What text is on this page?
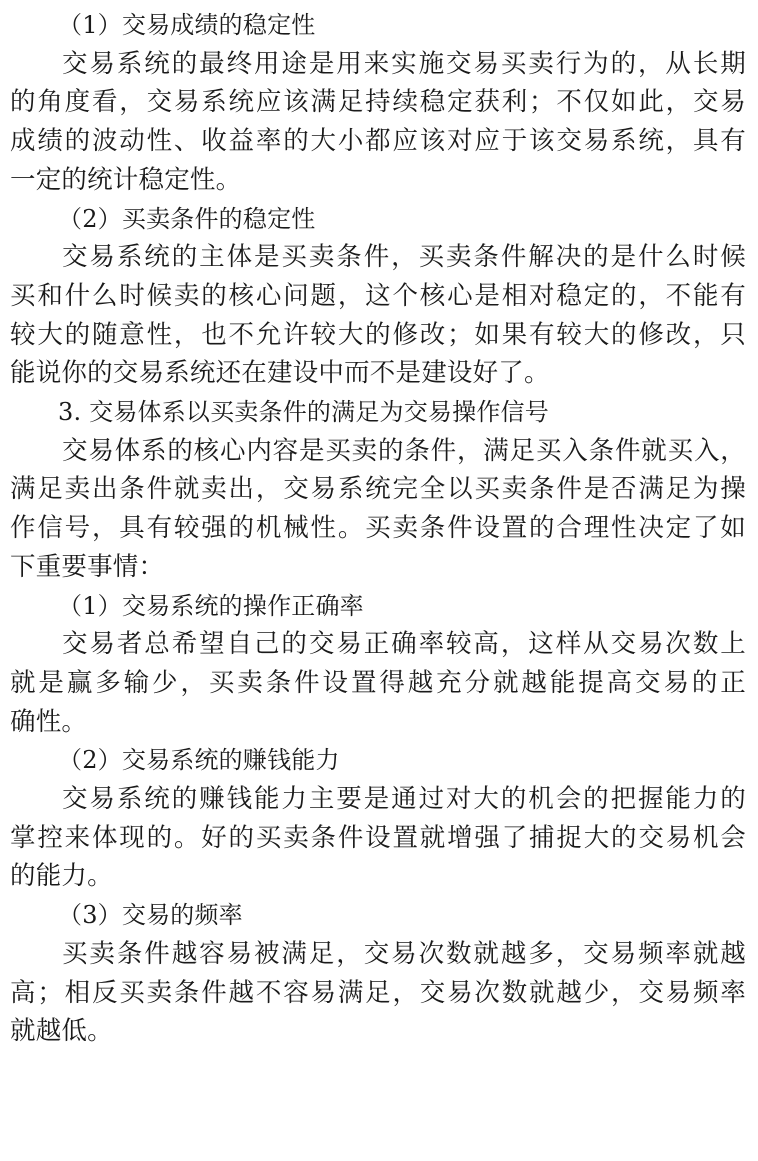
（1）交易成绩的稳定性
交易系统的最终用途是用来实施交易买卖行为的，从长期
的角度看，交易系统应该满足持续稳定获利；不仅如此，交易
成绩的波动性、收益率的大小都应该对应于该交易系统，具有
一定的统计稳定性。
（2）买卖条件的稳定性
交易系统的主体是买卖条件，买卖条件解决的是什么时候
买和什么时候卖的核心问题，这个核心是相对稳定的，不能有
较大的随意性，也不允许较大的修改；如果有较大的修改，只
能说你的交易系统还在建设中而不是建设好了。
3. 交易体系以买卖条件的满足为交易操作信号
交易体系的核心内容是买卖的条件，满足买入条件就买入，
满足卖出条件就卖出，交易系统完全以买卖条件是否满足为操
作信号，具有较强的机械性。买卖条件设置的合理性决定了如
下重要事情：
（1）交易系统的操作正确率
交易者总希望自己的交易正确率较高，这样从交易次数上
就是赢多输少，买卖条件设置得越充分就越能提高交易的正
确性。
（2）交易系统的赚钱能力
交易系统的赚钱能力主要是通过对大的机会的把握能力的
掌控来体现的。好的买卖条件设置就增强了捕捉大的交易机会
的能力。
（3）交易的频率
买卖条件越容易被满足，交易次数就越多，交易频率就越
高；相反买卖条件越不容易满足，交易次数就越少，交易频率
就越低。
